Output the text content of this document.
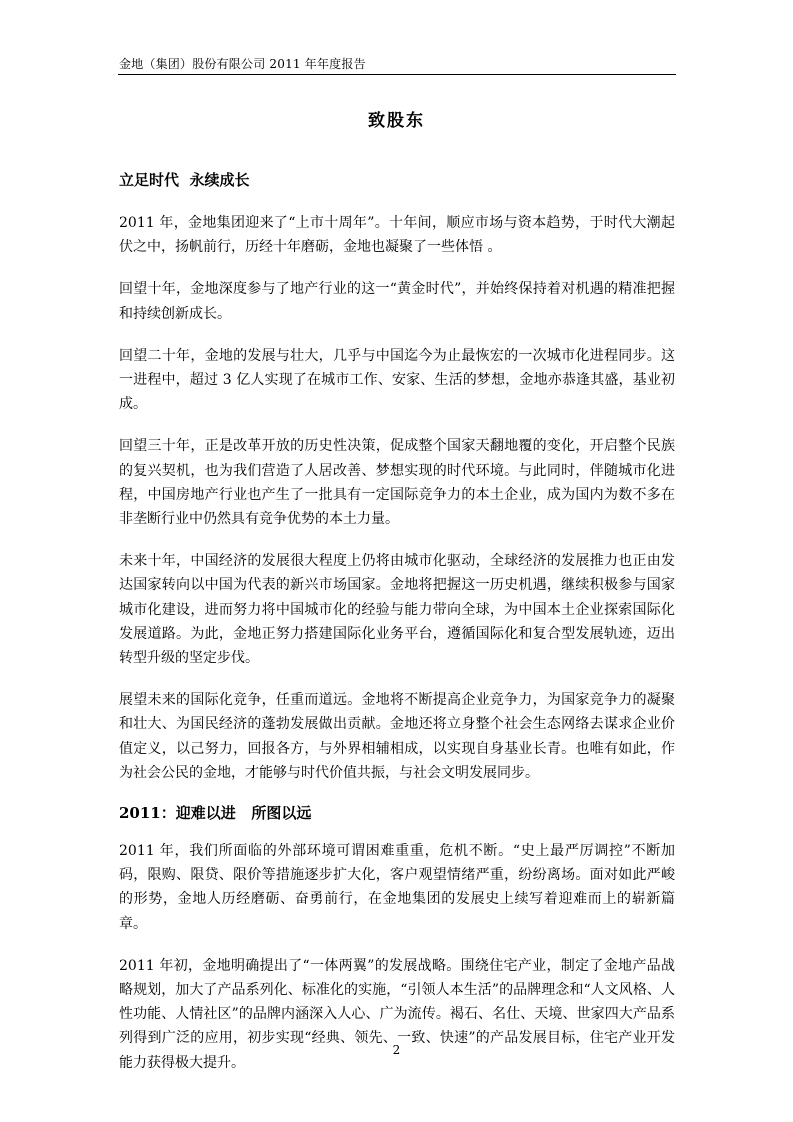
金地（集团）股份有限公司 2011 年年度报告
致股东
立足时代  永续成长

2011 年，金地集团迎来了“上市十周年”。十年间，顺应市场与资本趋势，于时代大潮起伏之中，扬帆前行，历经十年磨砺，金地也凝聚了一些体悟 。

回望十年，金地深度参与了地产行业的这一“黄金时代”，并始终保持着对机遇的精准把握和持续创新成长。

回望二十年，金地的发展与壮大，几乎与中国迄今为止最恢宏的一次城市化进程同步。这一进程中，超过 3 亿人实现了在城市工作、安家、生活的梦想，金地亦恭逢其盛，基业初成。

回望三十年，正是改革开放的历史性决策，促成整个国家天翻地覆的变化，开启整个民族的复兴契机，也为我们营造了人居改善、梦想实现的时代环境。与此同时，伴随城市化进程，中国房地产行业也产生了一批具有一定国际竞争力的本土企业，成为国内为数不多在非垄断行业中仍然具有竞争优势的本土力量。

未来十年，中国经济的发展很大程度上仍将由城市化驱动，全球经济的发展推力也正由发达国家转向以中国为代表的新兴市场国家。金地将把握这一历史机遇，继续积极参与国家城市化建设，进而努力将中国城市化的经验与能力带向全球，为中国本土企业探索国际化发展道路。为此，金地正努力搭建国际化业务平台，遵循国际化和复合型发展轨迹，迈出转型升级的坚定步伐。

展望未来的国际化竞争，任重而道远。金地将不断提高企业竞争力，为国家竞争力的凝聚和壮大、为国民经济的蓬勃发展做出贡献。金地还将立身整个社会生态网络去谋求企业价值定义，以己努力，回报各方，与外界相辅相成，以实现自身基业长青。也唯有如此，作为社会公民的金地，才能够与时代价值共振，与社会文明发展同步。

2011：迎难以进   所图以远

2011 年，我们所面临的外部环境可谓困难重重，危机不断。“史上最严厉调控”不断加码，限购、限贷、限价等措施逐步扩大化，客户观望情绪严重，纷纷离场。面对如此严峻的形势，金地人历经磨砺、奋勇前行，在金地集团的发展史上续写着迎难而上的崭新篇章。

2011 年初，金地明确提出了“一体两翼”的发展战略。围绕住宅产业，制定了金地产品战略规划，加大了产品系列化、标准化的实施，“引领人本生活”的品牌理念和“人文风格、人性功能、人情社区”的品牌内涵深入人心、广为流传。褐石、名仕、天境、世家四大产品系列得到广泛的应用，初步实现“经典、领先、一致、快速”的产品发展目标，住宅产业开发能力获得极大提升。

2
